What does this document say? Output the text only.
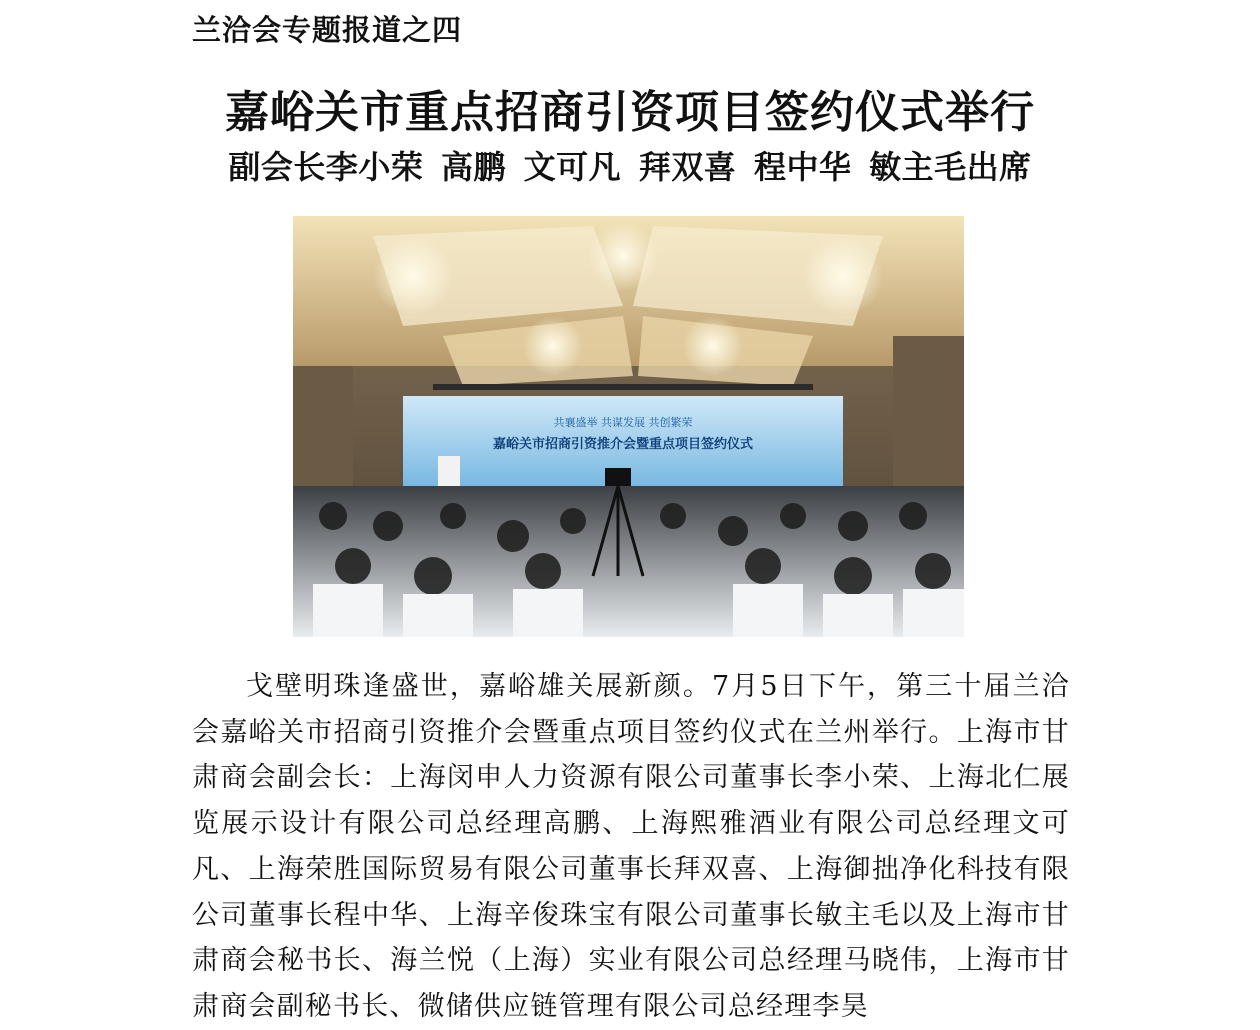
兰洽会专题报道之四
嘉峪关市重点招商引资项目签约仪式举行
副会长李小荣 高鹏 文可凡 拜双喜 程中华 敏主毛出席
共襄盛举 共谋发展 共创繁荣
嘉峪关市招商引资推介会暨重点项目签约仪式

戈壁明珠逢盛世，嘉峪雄关展新颜。7月5日下午，第三十届兰洽会嘉峪关市招商引资推介会暨重点项目签约仪式在兰州举行。上海市甘肃商会副会长：上海闵申人力资源有限公司董事长李小荣、上海北仁展览展示设计有限公司总经理高鹏、上海熙雅酒业有限公司总经理文可凡、上海荣胜国际贸易有限公司董事长拜双喜、上海御拙净化科技有限公司董事长程中华、上海辛俊珠宝有限公司董事长敏主毛以及上海市甘肃商会秘书长、海兰悦（上海）实业有限公司总经理马晓伟，上海市甘肃商会副秘书长、微储供应链管理有限公司总经理李昊
